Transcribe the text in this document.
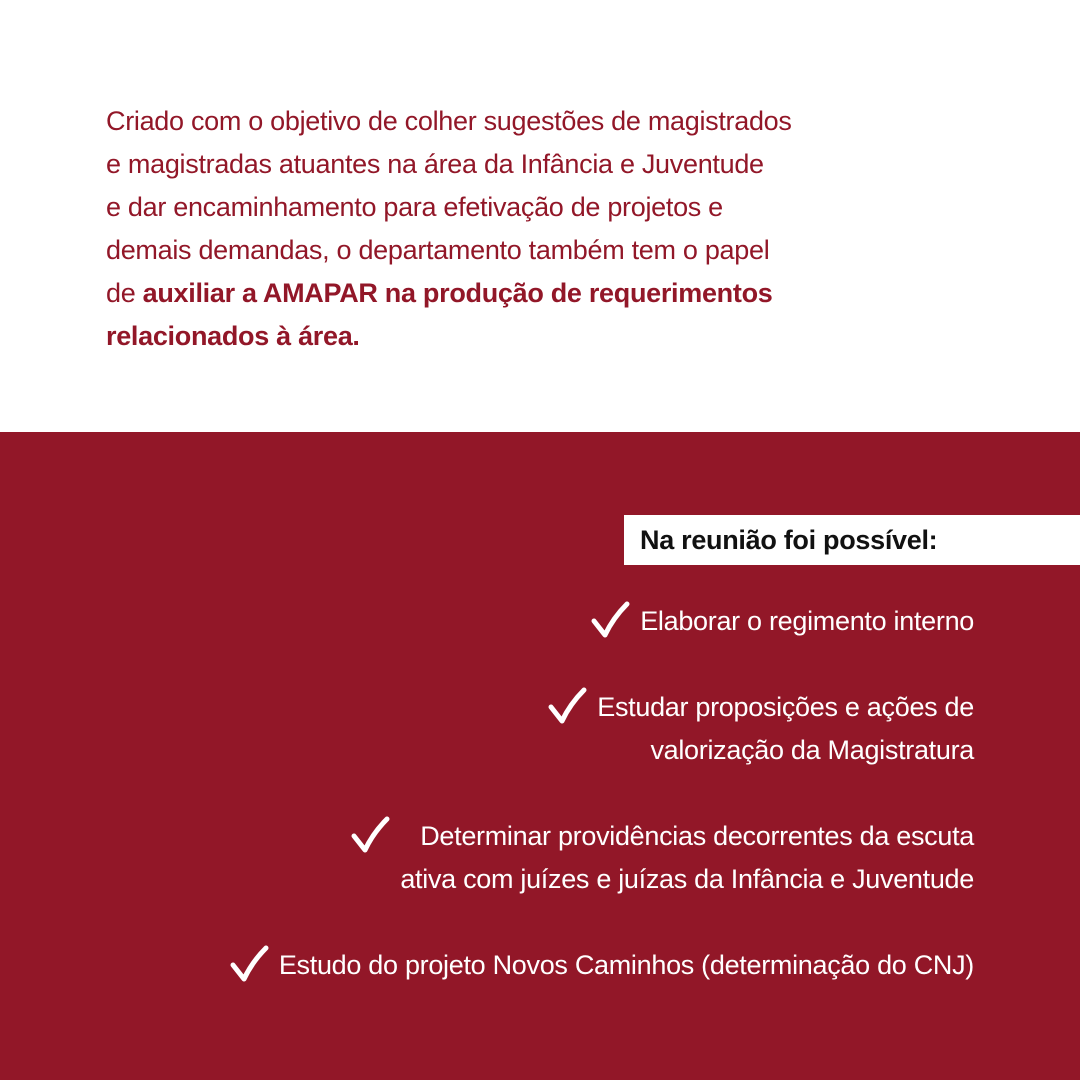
Criado com o objetivo de colher sugestões de magistrados
e magistradas atuantes na área da Infância e Juventude
e dar encaminhamento para efetivação de projetos e
demais demandas, o departamento também tem o papel
de auxiliar a AMAPAR na produção de requerimentos
relacionados à área.

Na reunião foi possível:
Elaborar o regimento interno
Estudar proposições e ações de
valorização da Magistratura
Determinar providências decorrentes da escuta
ativa com juízes e juízas da Infância e Juventude
Estudo do projeto Novos Caminhos (determinação do CNJ)
